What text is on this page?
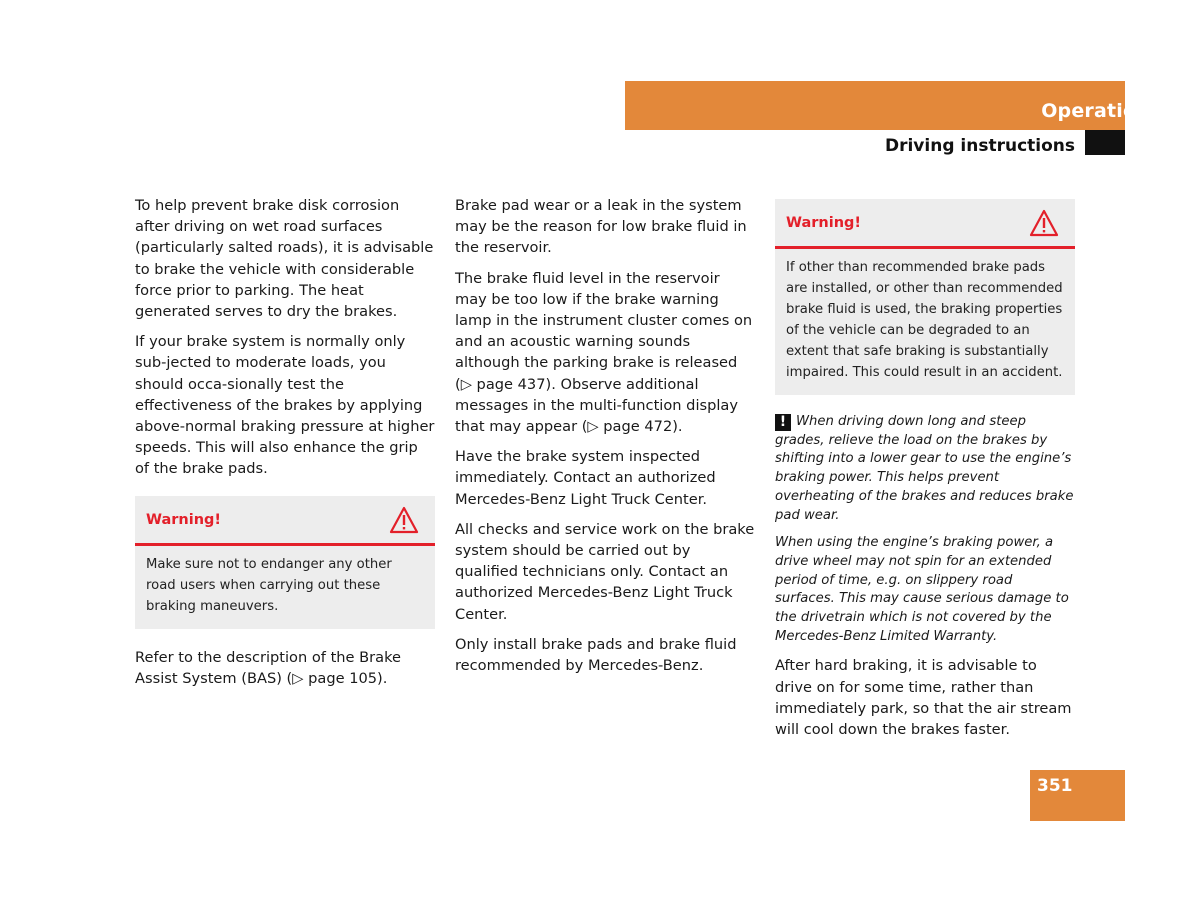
Operation
Driving instructions

To help prevent brake disk corrosion after driving on wet road surfaces (particularly salted roads), it is advisable to brake the vehicle with considerable force prior to parking. The heat generated serves to dry the brakes.

If your brake system is normally only sub-jected to moderate loads, you should occa-sionally test the effectiveness of the brakes by applying above-normal braking pressure at higher speeds. This will also enhance the grip of the brake pads.

Warning!
Make sure not to endanger any other road users when carrying out these braking maneuvers.

Refer to the description of the Brake Assist System (BAS) (▷ page 105).

Brake pad wear or a leak in the system may be the reason for low brake fluid in the reservoir.

The brake fluid level in the reservoir may be too low if the brake warning lamp in the instrument cluster comes on and an acoustic warning sounds although the parking brake is released (▷ page 437). Observe additional messages in the multi-function display that may appear (▷ page 472).

Have the brake system inspected immediately. Contact an authorized Mercedes-Benz Light Truck Center.

All checks and service work on the brake system should be carried out by qualified technicians only. Contact an authorized Mercedes-Benz Light Truck Center.

Only install brake pads and brake fluid recommended by Mercedes-Benz.

Warning!
If other than recommended brake pads are installed, or other than recommended brake fluid is used, the braking properties of the vehicle can be degraded to an extent that safe braking is substantially impaired. This could result in an accident.

! When driving down long and steep grades, relieve the load on the brakes by shifting into a lower gear to use the engine’s braking power. This helps prevent overheating of the brakes and reduces brake pad wear.

When using the engine’s braking power, a drive wheel may not spin for an extended period of time, e.g. on slippery road surfaces. This may cause serious damage to the drivetrain which is not covered by the Mercedes-Benz Limited Warranty.

After hard braking, it is advisable to drive on for some time, rather than immediately park, so that the air stream will cool down the brakes faster.

351
